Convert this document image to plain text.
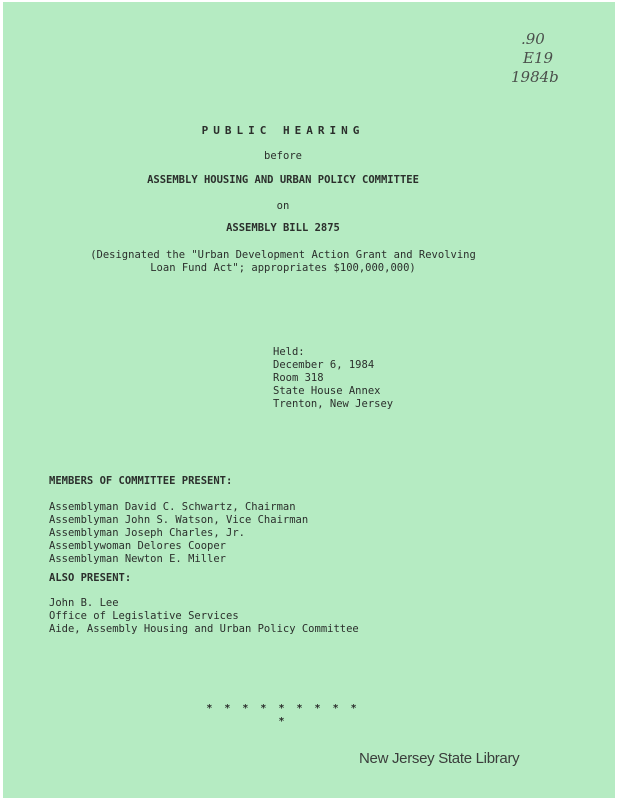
.90
E19
1984b
PUBLIC HEARING
before
ASSEMBLY HOUSING AND URBAN POLICY COMMITTEE
on
ASSEMBLY BILL 2875
(Designated the "Urban Development Action Grant and Revolving
Loan Fund Act"; appropriates $100,000,000)
Held:
December 6, 1984
Room 318
State House Annex
Trenton, New Jersey
MEMBERS OF COMMITTEE PRESENT:
Assemblyman David C. Schwartz, Chairman
Assemblyman John S. Watson, Vice Chairman
Assemblyman Joseph Charles, Jr.
Assemblywoman Delores Cooper
Assemblyman Newton E. Miller
ALSO PRESENT:
John B. Lee
Office of Legislative Services
Aide, Assembly Housing and Urban Policy Committee
* * * * * * * * * *
New Jersey State Library
